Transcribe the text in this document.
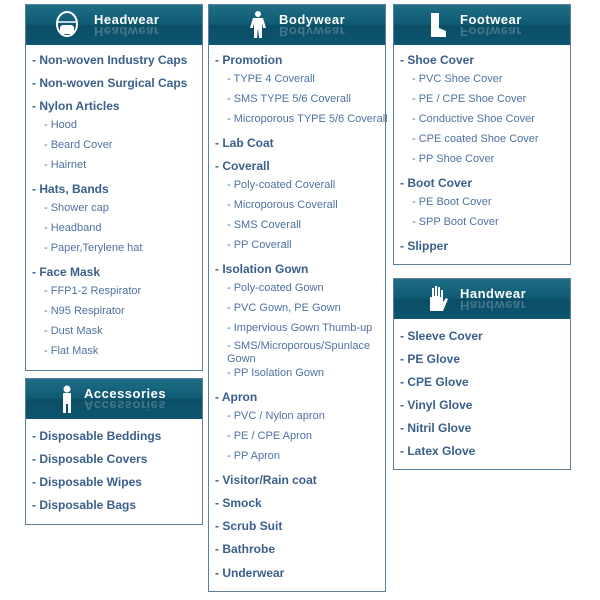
Headwear
Headwear
- Non-woven Industry Caps
- Non-woven Surgical Caps
- Nylon Articles
- Hood
- Beard Cover
- Hairnet
- Hats, Bands
- Shower cap
- Headband
- Paper,Terylene hat
- Face Mask
- FFP1-2 Respirator
- N95 Respirator
- Dust Mask
- Flat Mask
Accessories
Accessories
- Disposable Beddings
- Disposable Covers
- Disposable Wipes
- Disposable Bags
Bodywear
Bodywear
- Promotion
- TYPE 4 Coverall
- SMS TYPE 5/6 Coverall
- Microporous TYPE 5/6 Coverall
- Lab Coat
- Coverall
- Poly-coated Coverall
- Microporous Coverall
- SMS Coverall
- PP Coverall
- Isolation Gown
- Poly-coated Gown
- PVC Gown, PE Gown
- Impervious Gown Thumb-up
- SMS/Microporous/Spunlace Gown
- PP Isolation Gown
- Apron
- PVC / Nylon apron
- PE / CPE Apron
- PP Apron
- Visitor/Rain coat
- Smock
- Scrub Suit
- Bathrobe
- Underwear
Footwear
Footwear
- Shoe Cover
- PVC Shoe Cover
- PE / CPE Shoe Cover
- Conductive Shoe Cover
- CPE coated Shoe Cover
- PP Shoe Cover
- Boot Cover
- PE Boot Cover
- SPP Boot Cover
- Slipper
Handwear
Handwear
- Sleeve Cover
- PE Glove
- CPE Glove
- Vinyl Glove
- Nitril Glove
- Latex Glove
